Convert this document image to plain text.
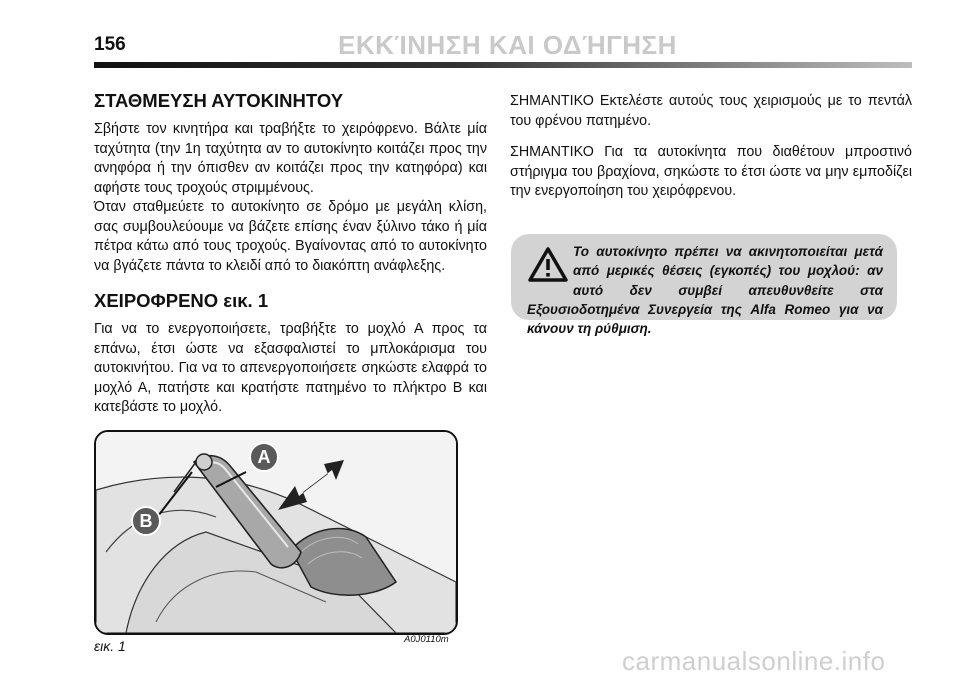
156	ΕΚΚΊΝΗΣΗ ΚΑΙ ΟΔΉΓΗΣΗ
ΣΤΑΘΜΕΥΣΗ ΑΥΤΟΚΙΝΗΤΟΥ

Σβήστε τον κινητήρα και τραβήξτε το χειρόφρενο. Βάλτε μία ταχύτητα (την 1η ταχύτητα αν το αυτοκίνητο κοιτάζει προς την ανηφόρα ή την όπισθεν αν κοιτάζει προς την κατηφόρα) και αφήστε τους τροχούς στριμμένους.

Όταν σταθμεύετε το αυτοκίνητο σε δρόμο με μεγάλη κλίση, σας συμβουλεύουμε να βάζετε επίσης έναν ξύλινο τάκο ή μία πέτρα κάτω από τους τροχούς. Βγαίνοντας από το αυτοκίνητο να βγάζετε πάντα το κλειδί από το διακόπτη ανάφλεξης.

ΧΕΙΡΟΦΡΕΝΟ εικ. 1

Για να το ενεργοποιήσετε, τραβήξτε το μοχλό Α προς τα επάνω, έτσι ώστε να εξασφαλιστεί το μπλοκάρισμα του αυτοκινήτου. Για να το απενεργοποιήσετε σηκώστε ελαφρά το μοχλό Α, πατήστε και κρατήστε πατημένο το πλήκτρο Β και κατεβάστε το μοχλό.

ΣΗΜΑΝΤΙΚΟ Εκτελέστε αυτούς τους χειρισμούς με το πεντάλ του φρένου πατημένο.

ΣΗΜΑΝΤΙΚΟ Για τα αυτοκίνητα που διαθέτουν μπροστινό στήριγμα του βραχίονα, σηκώστε το έτσι ώστε να μην εμποδίζει την ενεργοποίηση του χειρόφρενου.

Το αυτοκίνητο πρέπει να ακινητοποιείται μετά από μερικές θέσεις (εγκοπές) του μοχλού: αν αυτό δεν συμβεί απευθυνθείτε στα Εξουσιοδοτημένα Συνεργεία της Alfa Romeo για να κάνουν τη ρύθμιση.
A
B
εικ. 1	A0J0110m
carmanualsonline.info
